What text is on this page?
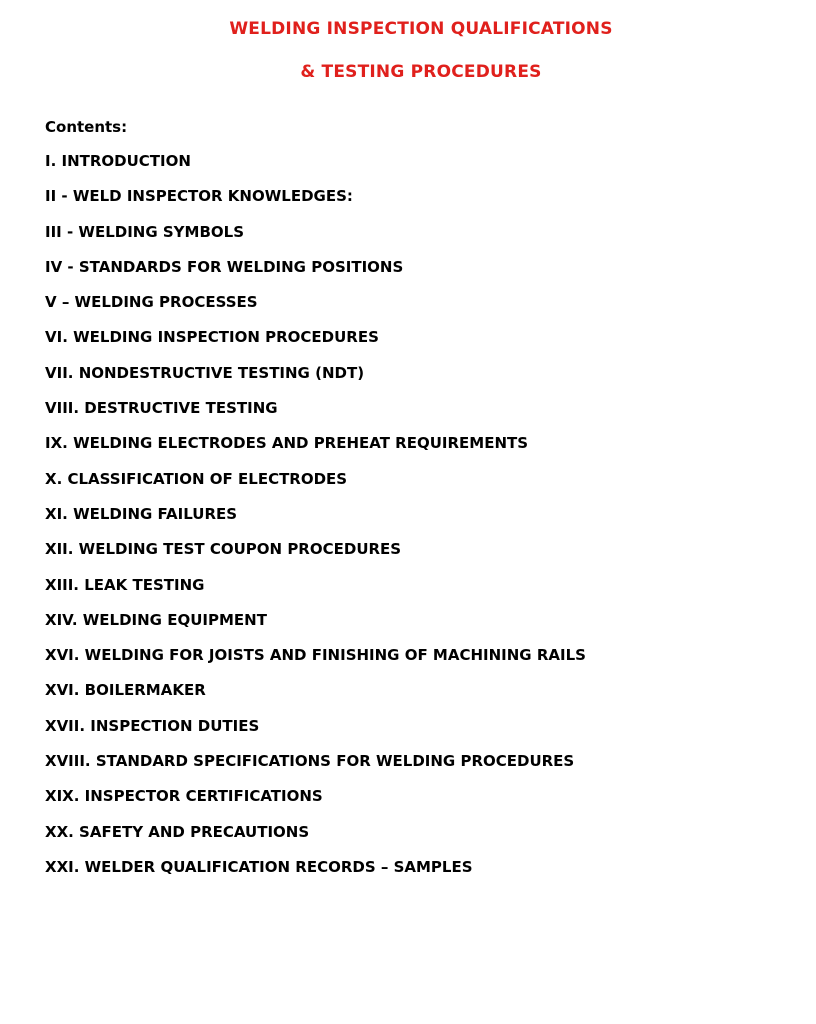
WELDING INSPECTION QUALIFICATIONS
& TESTING PROCEDURES
Contents:
I. INTRODUCTION
II - WELD INSPECTOR KNOWLEDGES:
III - WELDING SYMBOLS
IV - STANDARDS FOR WELDING POSITIONS
V – WELDING PROCESSES
VI. WELDING INSPECTION PROCEDURES
VII. NONDESTRUCTIVE TESTING (NDT)
VIII. DESTRUCTIVE TESTING
IX. WELDING ELECTRODES AND PREHEAT REQUIREMENTS
X. CLASSIFICATION OF ELECTRODES
XI. WELDING FAILURES
XII. WELDING TEST COUPON PROCEDURES
XIII. LEAK TESTING
XIV. WELDING EQUIPMENT
XVI. WELDING FOR JOISTS AND FINISHING OF MACHINING RAILS
XVI. BOILERMAKER
XVII. INSPECTION DUTIES
XVIII. STANDARD SPECIFICATIONS FOR WELDING PROCEDURES
XIX. INSPECTOR CERTIFICATIONS
XX. SAFETY AND PRECAUTIONS
XXI. WELDER QUALIFICATION RECORDS – SAMPLES
